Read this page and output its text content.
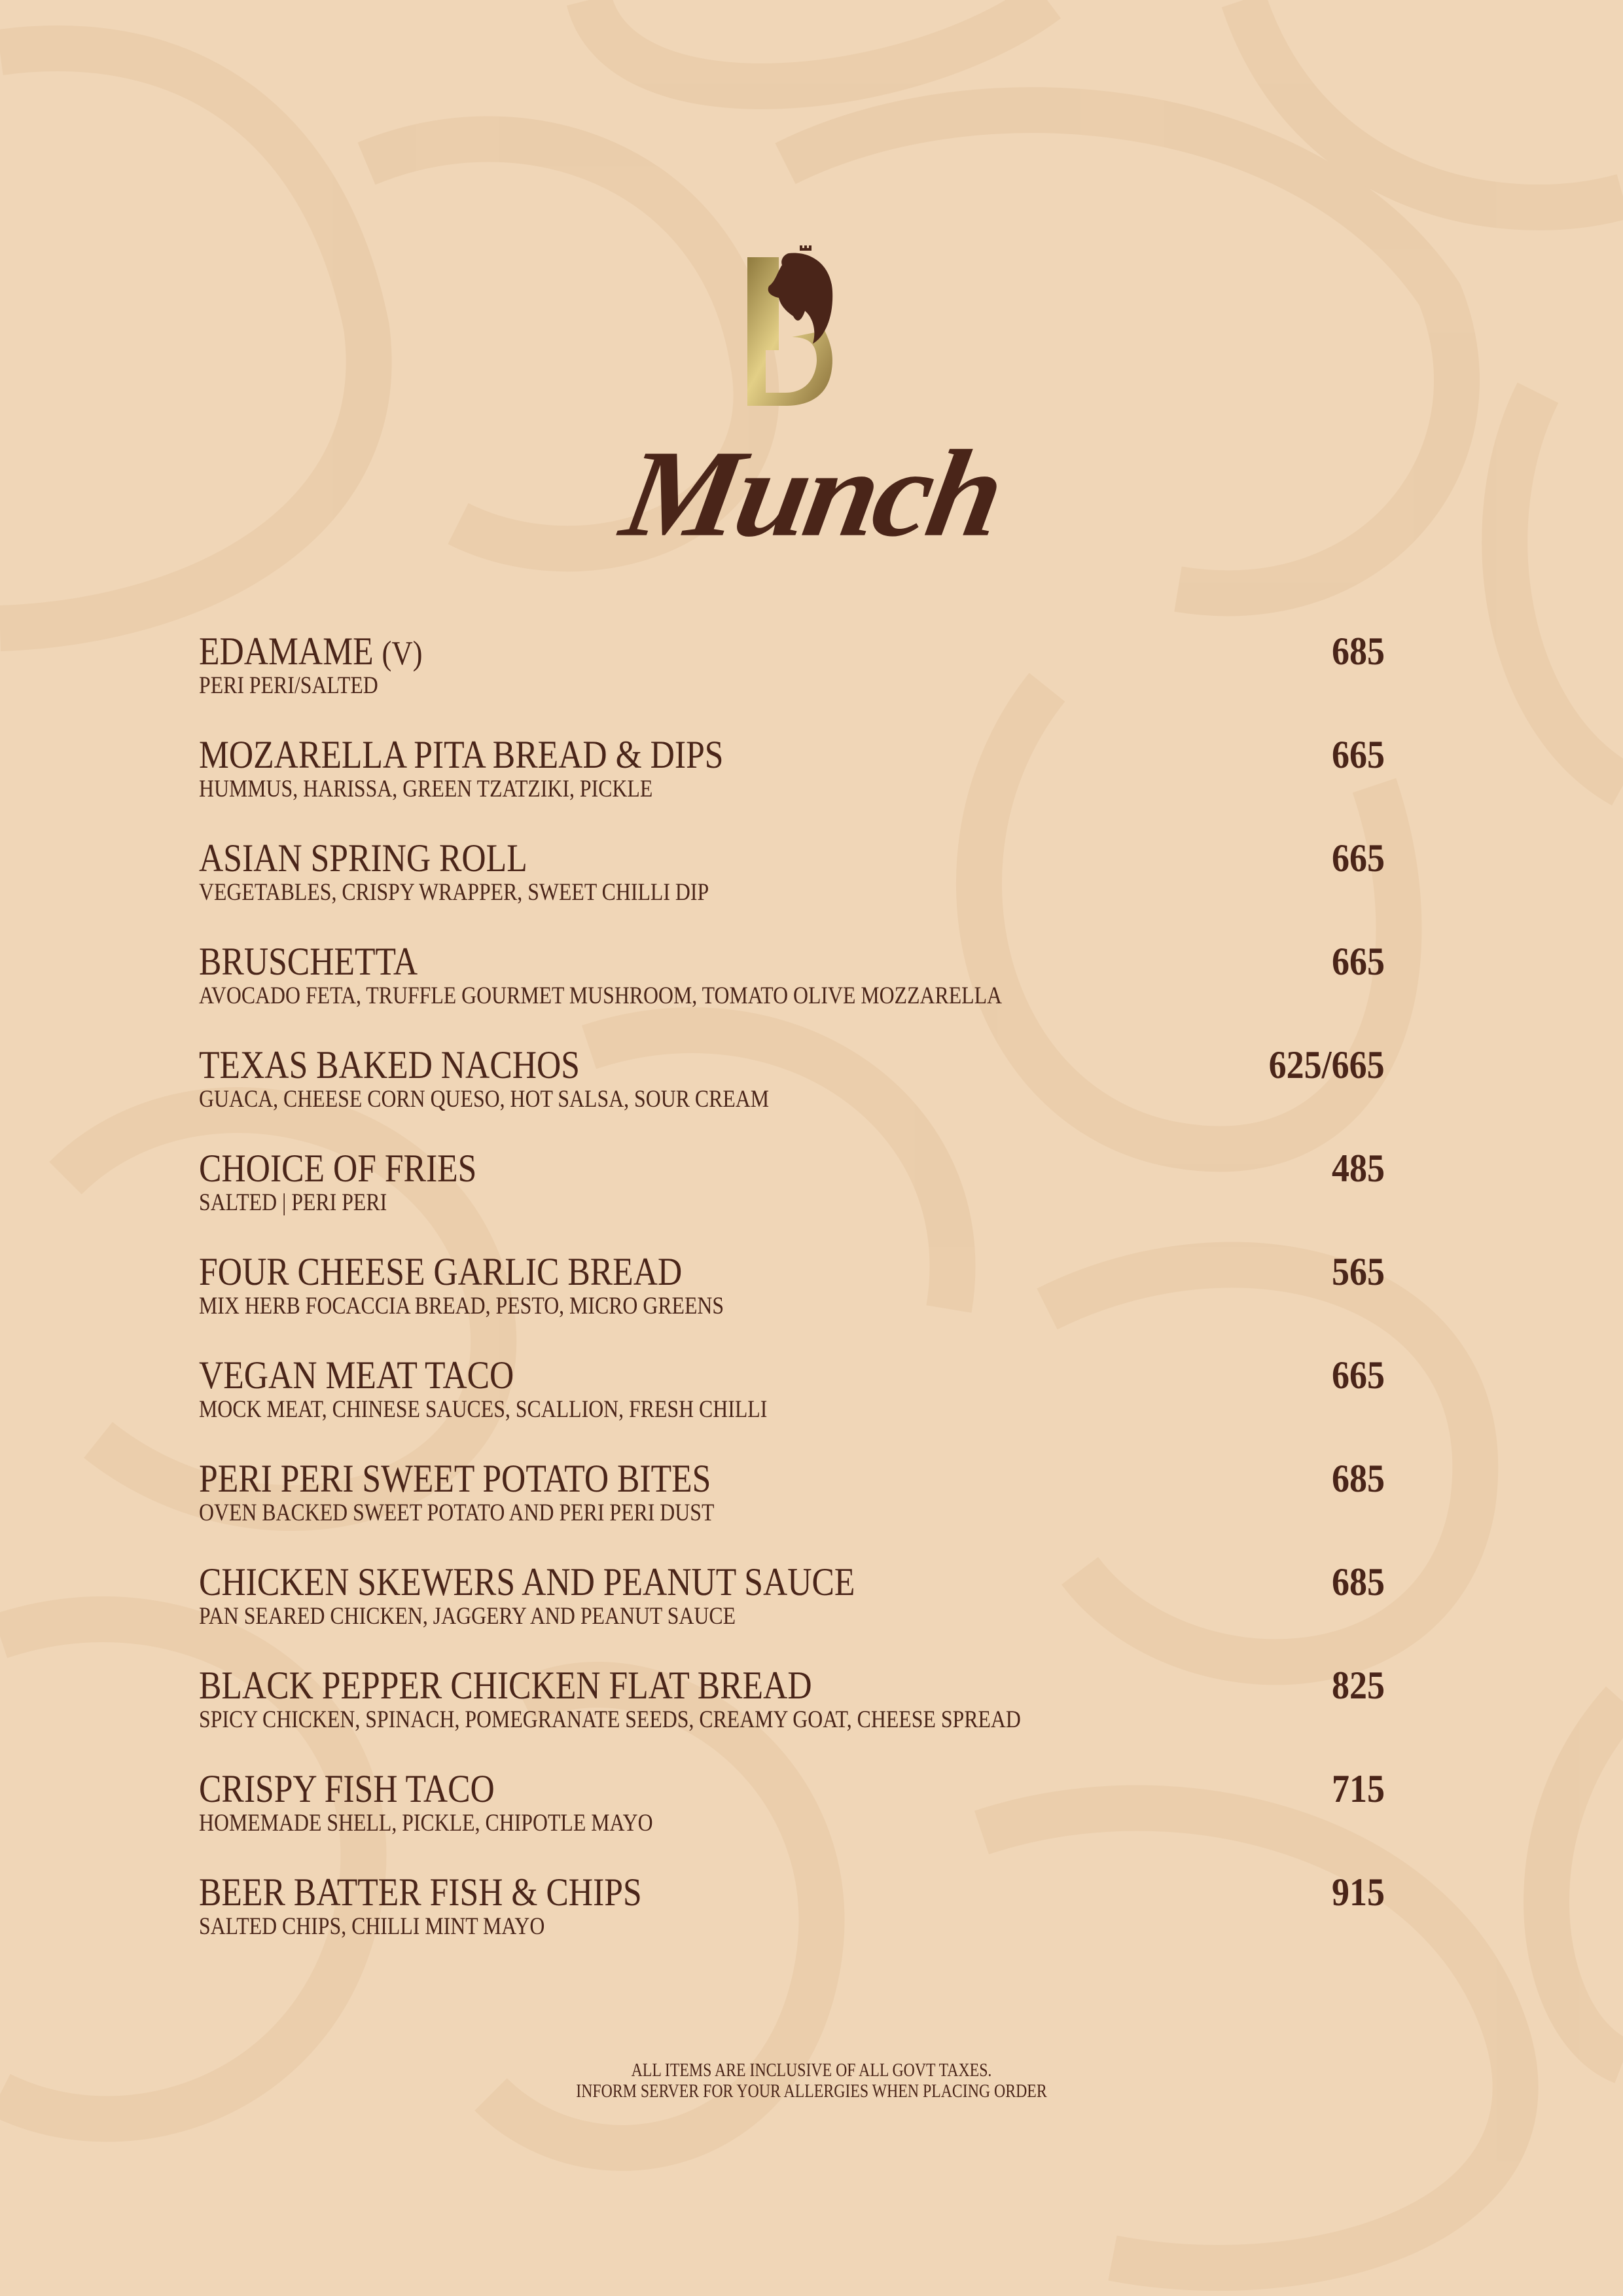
Munch
EDAMAME (V)
PERI PERI/SALTED
685
MOZARELLA PITA BREAD & DIPS
HUMMUS, HARISSA, GREEN TZATZIKI, PICKLE
665
ASIAN SPRING ROLL
VEGETABLES, CRISPY WRAPPER, SWEET CHILLI DIP
665
BRUSCHETTA
AVOCADO FETA, TRUFFLE GOURMET MUSHROOM, TOMATO OLIVE MOZZARELLA
665
TEXAS BAKED NACHOS
GUACA, CHEESE CORN QUESO, HOT SALSA, SOUR CREAM
625/665
CHOICE OF FRIES
SALTED | PERI PERI
485
FOUR CHEESE GARLIC BREAD
MIX HERB FOCACCIA BREAD, PESTO, MICRO GREENS
565
VEGAN MEAT TACO
MOCK MEAT, CHINESE SAUCES, SCALLION, FRESH CHILLI
665
PERI PERI SWEET POTATO BITES
OVEN BACKED SWEET POTATO AND PERI PERI DUST
685
CHICKEN SKEWERS AND PEANUT SAUCE
PAN SEARED CHICKEN, JAGGERY AND PEANUT SAUCE
685
BLACK PEPPER CHICKEN FLAT BREAD
SPICY CHICKEN, SPINACH, POMEGRANATE SEEDS, CREAMY GOAT, CHEESE SPREAD
825
CRISPY FISH TACO
HOMEMADE SHELL, PICKLE, CHIPOTLE MAYO
715
BEER BATTER FISH & CHIPS
SALTED CHIPS, CHILLI MINT MAYO
915
ALL ITEMS ARE INCLUSIVE OF ALL GOVT TAXES.
INFORM SERVER FOR YOUR ALLERGIES WHEN PLACING ORDER
